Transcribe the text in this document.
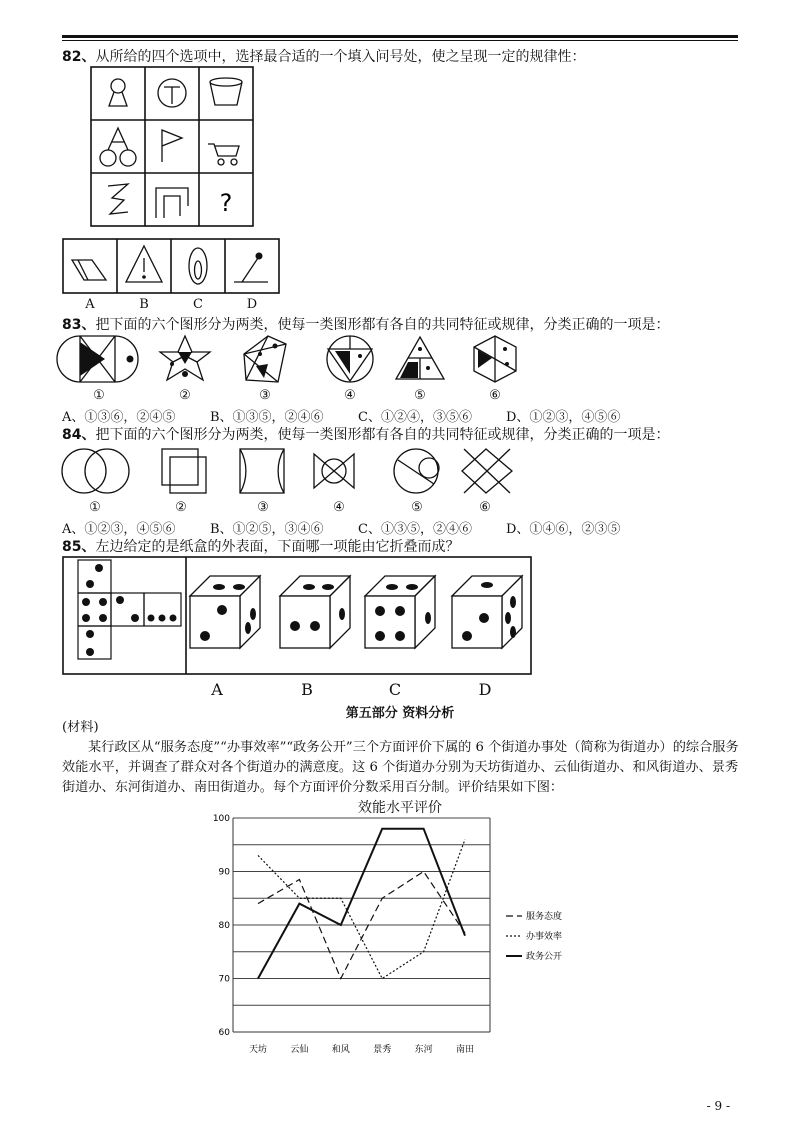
82、从所给的四个选项中，选择最合适的一个填入问号处，使之呈现一定的规律性：
?
A	B	C	D
83、把下面的六个图形分为两类，使每一类图形都有各自的共同特征或规律，分类正确的一项是：
①	②	③	④	⑤	⑥
A、①③⑥，②④⑤	B、①③⑤，②④⑥	C、①②④，③⑤⑥	D、①②③，④⑤⑥
84、把下面的六个图形分为两类，使每一类图形都有各自的共同特征或规律，分类正确的一项是：
①	②	③	④	⑤	⑥
A、①②③，④⑤⑥	B、①②⑤，③④⑥	C、①③⑤，②④⑥	D、①④⑥，②③⑤
85、左边给定的是纸盒的外表面，下面哪一项能由它折叠而成？
A	B	C	D
第五部分 资料分析
(材料)
某行政区从“服务态度”“办事效率”“政务公开”三个方面评价下属的 6 个街道办事处（简称为街道办）的综合服务效能水平，并调查了群众对各个街道办的满意度。这 6 个街道办分别为天坊街道办、云仙街道办、和风街道办、景秀街道办、东河街道办、南田街道办。每个方面评价分数采用百分制。评价结果如下图：
效能水平评价
60
70
80
90
100
天坊	云仙	和风	景秀	东河	南田
服务态度
办事效率
政务公开
- 9 -
